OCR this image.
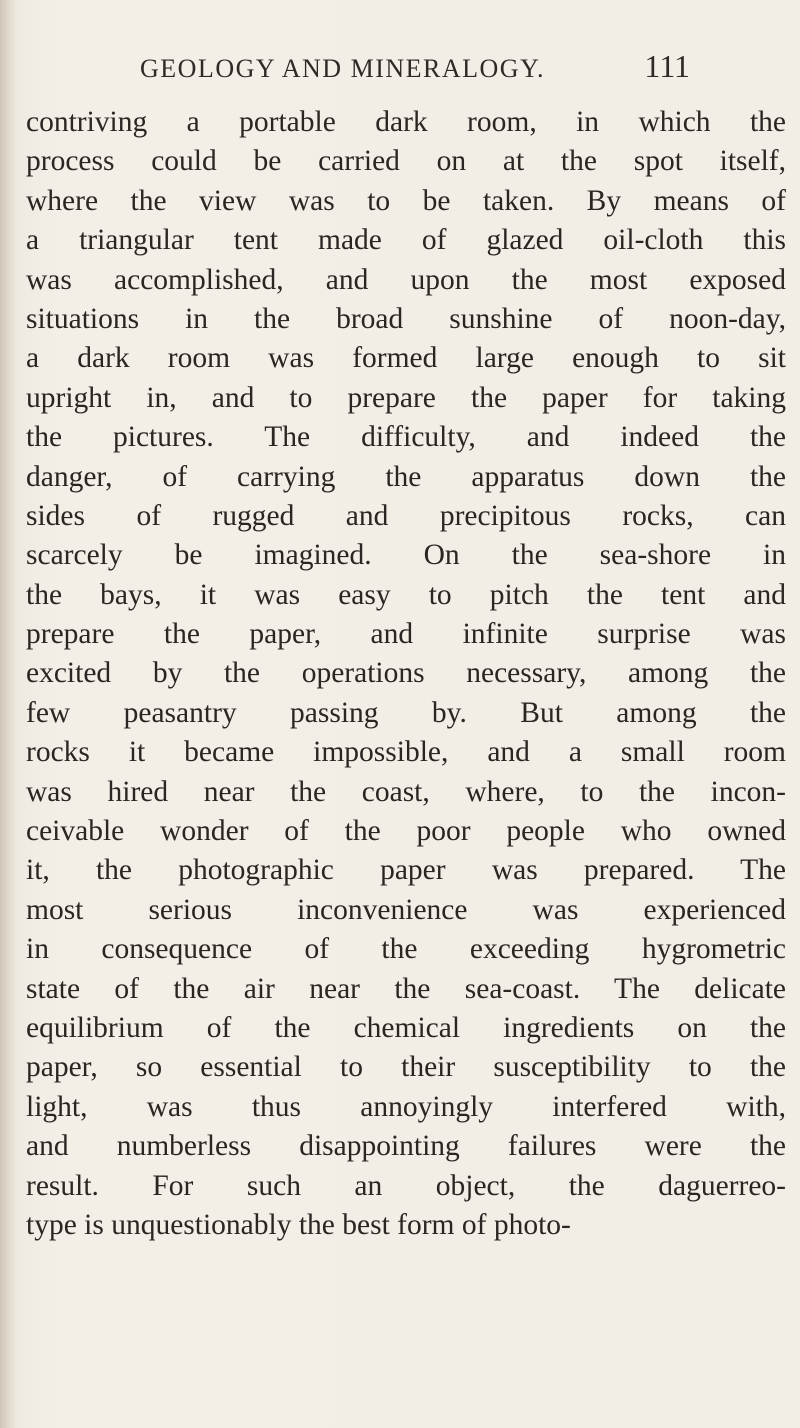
GEOLOGY AND MINERALOGY.	111
contriving a portable dark room, in which the
process could be carried on at the spot itself,
where the view was to be taken. By means of
a triangular tent made of glazed oil-cloth this
was accomplished, and upon the most exposed
situations in the broad sunshine of noon-day,
a dark room was formed large enough to sit
upright in, and to prepare the paper for taking
the pictures. The difficulty, and indeed the
danger, of carrying the apparatus down the
sides of rugged and precipitous rocks, can
scarcely be imagined. On the sea-shore in
the bays, it was easy to pitch the tent and
prepare the paper, and infinite surprise was
excited by the operations necessary, among the
few peasantry passing by. But among the
rocks it became impossible, and a small room
was hired near the coast, where, to the incon-
ceivable wonder of the poor people who owned
it, the photographic paper was prepared. The
most serious inconvenience was experienced
in consequence of the exceeding hygrometric
state of the air near the sea-coast. The delicate
equilibrium of the chemical ingredients on the
paper, so essential to their susceptibility to the
light, was thus annoyingly interfered with,
and numberless disappointing failures were the
result. For such an object, the daguerreo-
type is unquestionably the best form of photo-
